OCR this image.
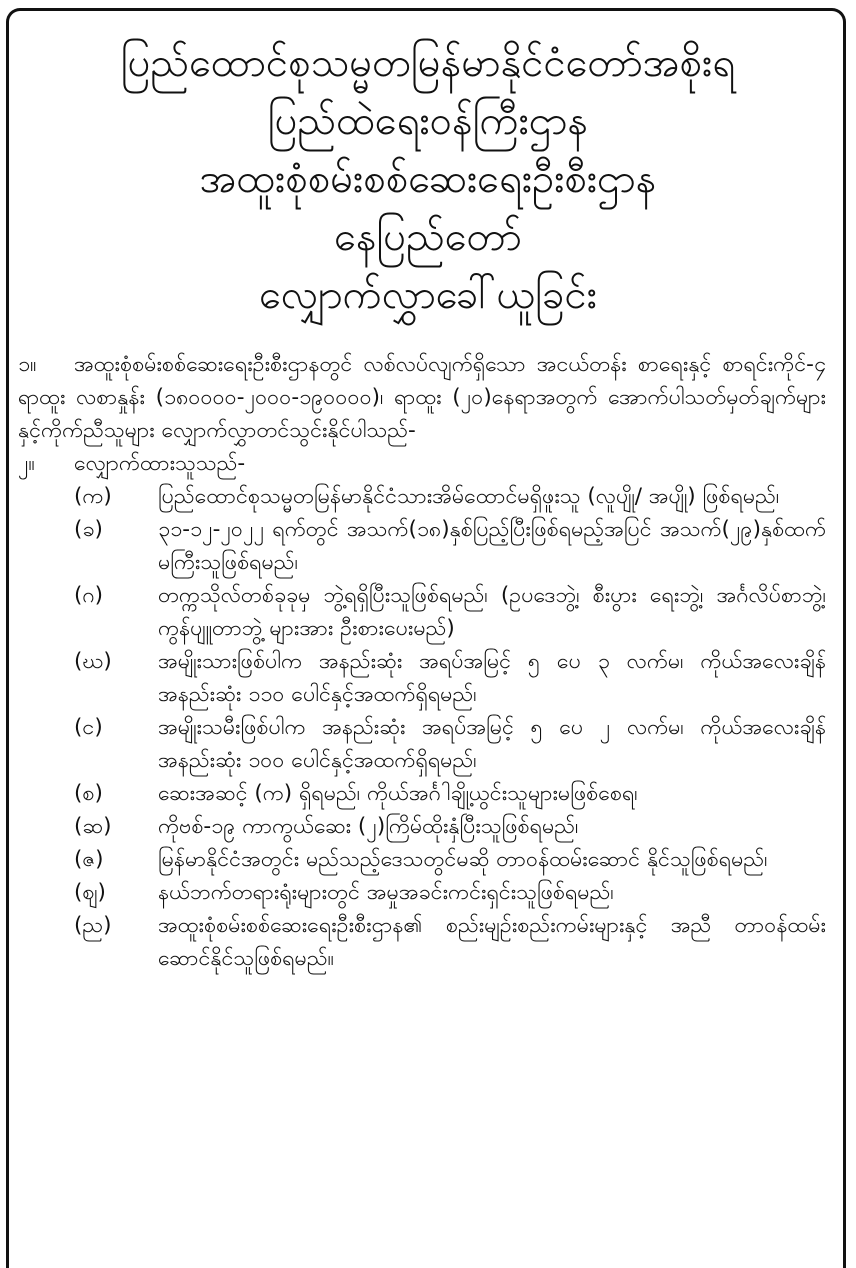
ပြည်ထောင်စုသမ္မတမြန်မာနိုင်ငံတော်အစိုးရ
ပြည်ထဲရေးဝန်ကြီးဌာန
အထူးစုံစမ်းစစ်ဆေးရေးဦးစီးဌာန
နေပြည်တော်
လျှောက်လွှာခေါ်ယူခြင်း
၁။ အထူးစုံစမ်းစစ်ဆေးရေးဦးစီးဌာနတွင် လစ်လပ်လျက်ရှိသော အငယ်တန်း စာရေးနှင့် စာရင်းကိုင်-၄ ရာထူး လစာနှုန်း (၁၈၀၀၀၀-၂၀၀၀-၁၉၀၀၀၀)၊ ရာထူး (၂၀)နေရာအတွက် အောက်ပါသတ်မှတ်ချက်များနှင့်ကိုက်ညီသူများ လျှောက်လွှာတင်သွင်းနိုင်ပါသည်-
၂။	လျှောက်ထားသူသည်-
(က)	ပြည်ထောင်စုသမ္မတမြန်မာနိုင်ငံသားအိမ်ထောင်မရှိဖူးသူ (လူပျို/ အပျို) ဖြစ်ရမည်၊
(ခ)	၃၁-၁၂-၂၀၂၂ ရက်တွင် အသက်(၁၈)နှစ်ပြည့်ပြီးဖြစ်ရမည့်အပြင် အသက်(၂၉)နှစ်ထက်မကြီးသူဖြစ်ရမည်၊
(ဂ)	တက္ကသိုလ်တစ်ခုခုမှ ဘွဲ့ရရှိပြီးသူဖြစ်ရမည်၊ (ဥပဒေဘွဲ့၊ စီးပွား ရေးဘွဲ့၊ အင်္ဂလိပ်စာဘွဲ့၊ ကွန်ပျူတာဘွဲ့ များအား ဦးစားပေးမည်)
(ဃ)	အမျိုးသားဖြစ်ပါက အနည်းဆုံး အရပ်အမြင့် ၅ ပေ ၃ လက်မ၊ ကိုယ်အလေးချိန် အနည်းဆုံး ၁၁၀ ပေါင်နှင့်အထက်ရှိရမည်၊
(င)	အမျိုးသမီးဖြစ်ပါက အနည်းဆုံး အရပ်အမြင့် ၅ ပေ ၂ လက်မ၊ ကိုယ်အလေးချိန် အနည်းဆုံး ၁၀၀ ပေါင်နှင့်အထက်ရှိရမည်၊
(စ)	ဆေးအဆင့် (က) ရှိရမည်၊ ကိုယ်အင်္ဂါချို့ယွင်းသူများမဖြစ်စေရ၊
(ဆ)	ကိုဗစ်-၁၉ ကာကွယ်ဆေး (၂)ကြိမ်ထိုးနှံပြီးသူဖြစ်ရမည်၊
(ဇ)	မြန်မာနိုင်ငံအတွင်း မည်သည့်ဒေသတွင်မဆို တာဝန်ထမ်းဆောင် နိုင်သူဖြစ်ရမည်၊
(ဈ)	နယ်ဘက်တရားရုံးများတွင် အမှုအခင်းကင်းရှင်းသူဖြစ်ရမည်၊
(ည)	အထူးစုံစမ်းစစ်ဆေးရေးဦးစီးဌာန၏ စည်းမျဉ်းစည်းကမ်းများနှင့် အညီ တာဝန်ထမ်းဆောင်နိုင်သူဖြစ်ရမည်။
